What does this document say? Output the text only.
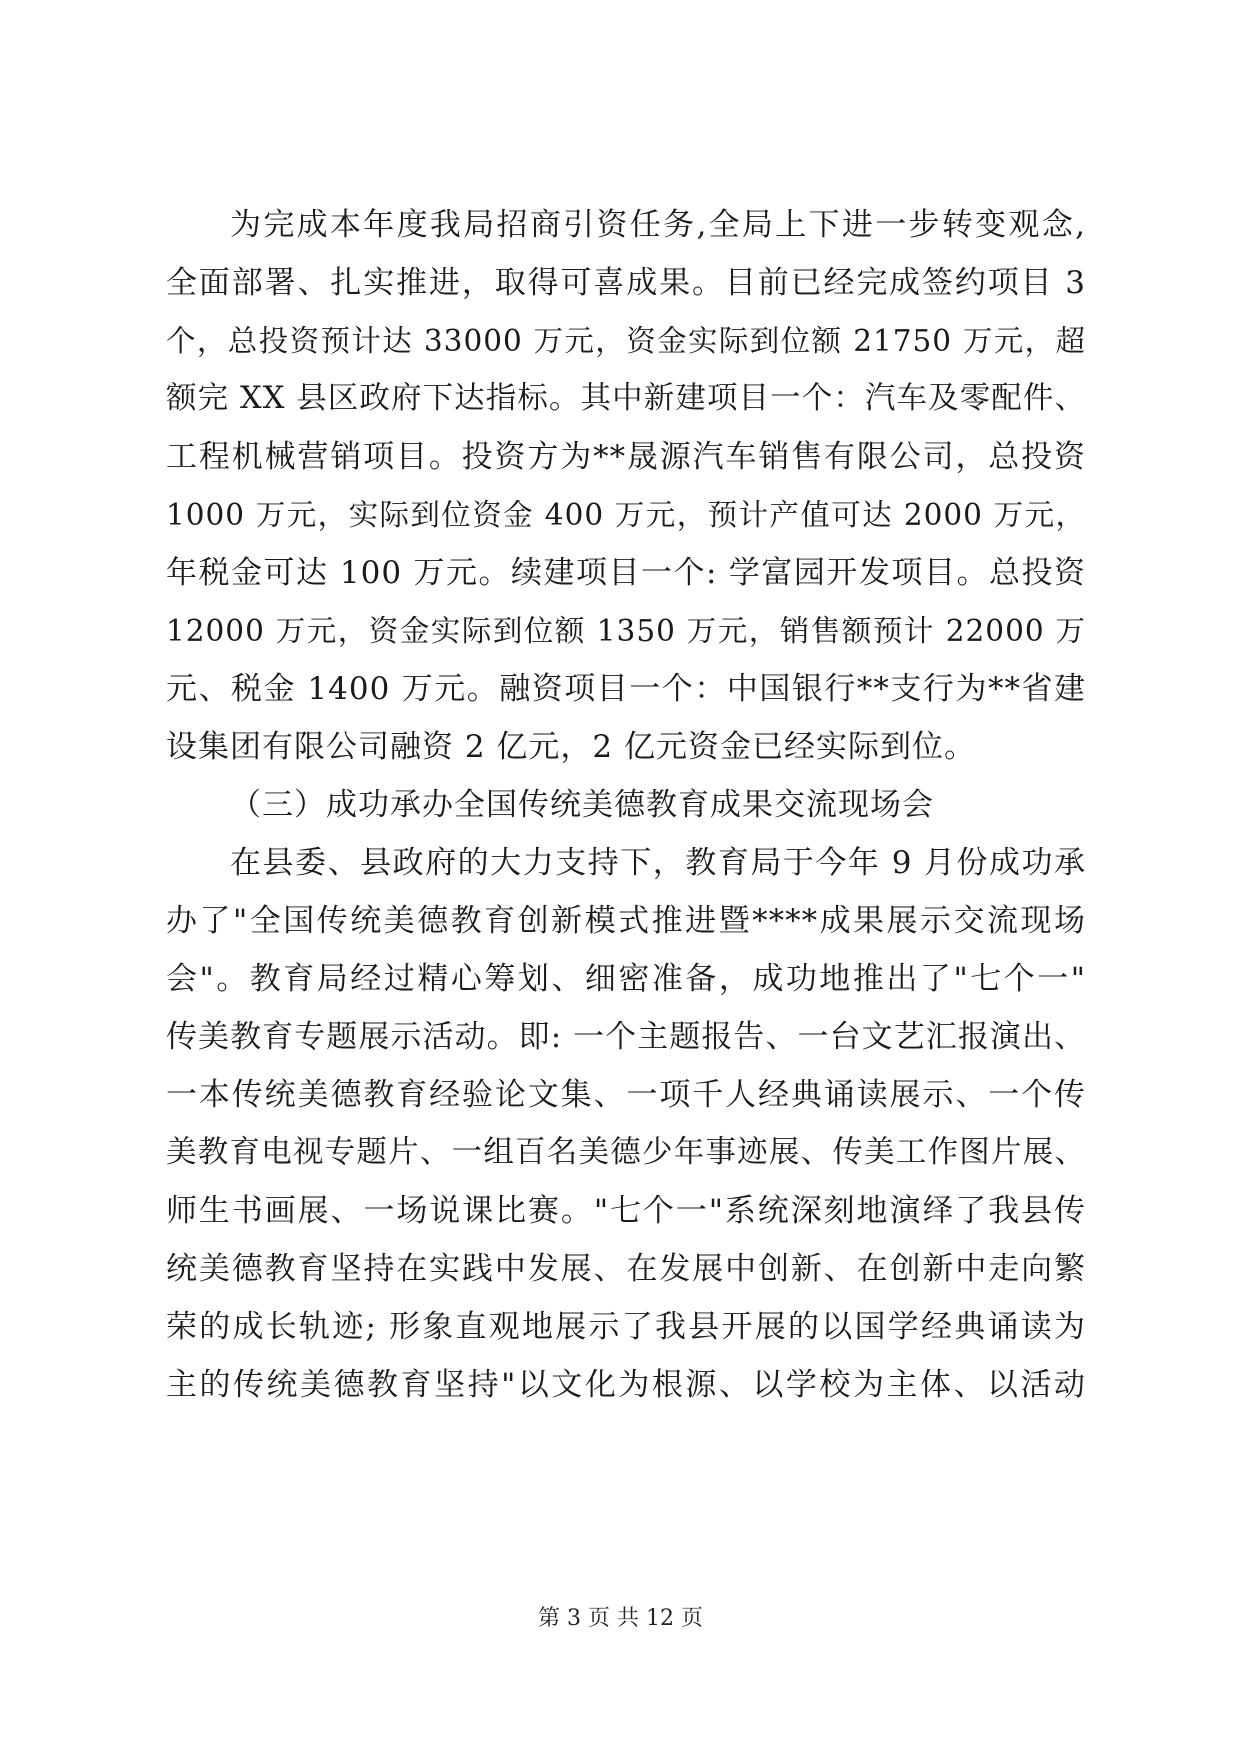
为完成本年度我局招商引资任务,全局上下进一步转变观念,
全面部署、扎实推进，取得可喜成果。目前已经完成签约项目 3
个，总投资预计达 33000 万元，资金实际到位额 21750 万元，超
额完 XX 县区政府下达指标。其中新建项目一个：汽车及零配件、
工程机械营销项目。投资方为**晟源汽车销售有限公司，总投资
1000 万元，实际到位资金 400 万元，预计产值可达 2000 万元，
年税金可达 100 万元。续建项目一个: 学富园开发项目。总投资
12000 万元，资金实际到位额 1350 万元，销售额预计 22000 万
元、税金 1400 万元。融资项目一个：中国银行**支行为**省建
设集团有限公司融资 2 亿元，2 亿元资金已经实际到位。
（三）成功承办全国传统美德教育成果交流现场会
在县委、县政府的大力支持下，教育局于今年 9 月份成功承
办了"全国传统美德教育创新模式推进暨****成果展示交流现场
会"。教育局经过精心筹划、细密准备，成功地推出了"七个一"
传美教育专题展示活动。即: 一个主题报告、一台文艺汇报演出、
一本传统美德教育经验论文集、一项千人经典诵读展示、一个传
美教育电视专题片、一组百名美德少年事迹展、传美工作图片展、
师生书画展、一场说课比赛。"七个一"系统深刻地演绎了我县传
统美德教育坚持在实践中发展、在发展中创新、在创新中走向繁
荣的成长轨迹; 形象直观地展示了我县开展的以国学经典诵读为
主的传统美德教育坚持"以文化为根源、以学校为主体、以活动
第 3 页 共 12 页
